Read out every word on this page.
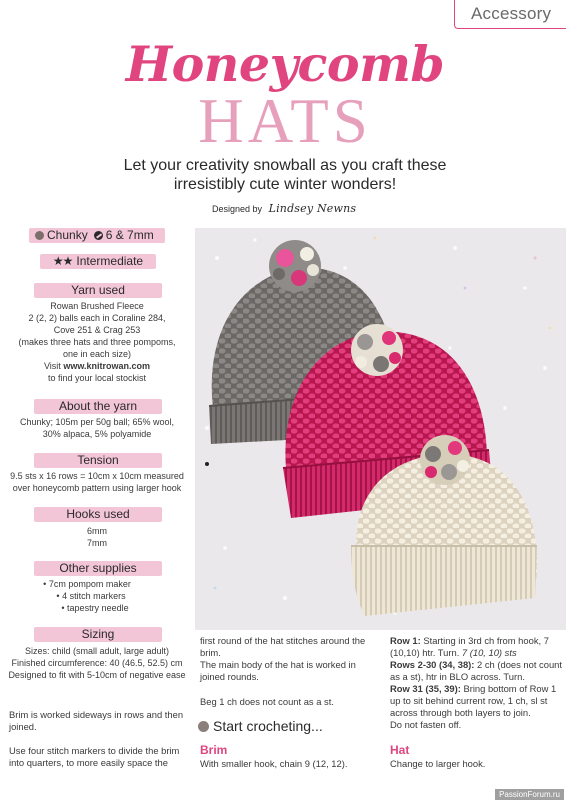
Accessory
Honeycomb
HATS
Let your creativity snowball as you craft these irresistibly cute winter wonders!
Designed by Lindsey Newns
Chunky 6 & 7mm
★★ Intermediate
Yarn used
Rowan Brushed Fleece
2 (2, 2) balls each in Coraline 284,
Cove 251 & Crag 253
(makes three hats and three pompoms,
one in each size)
Visit www.knitrowan.com
to find your local stockist
About the yarn
Chunky; 105m per 50g ball; 65% wool,
30% alpaca, 5% polyamide
Tension
9.5 sts x 16 rows = 10cm x 10cm measured
over honeycomb pattern using larger hook
Hooks used
6mm
7mm
Other supplies
• 7cm pompom maker
• 4 stitch markers
• tapestry needle
Sizing
Sizes: child (small adult, large adult)
Finished circumference: 40 (46.5, 52.5) cm
Designed to fit with 5-10cm of negative ease
Brim is worked sideways in rows and then joined.
Use four stitch markers to divide the brim into quarters, to more easily space the
first round of the hat stitches around the brim.
The main body of the hat is worked in joined rounds.
Beg 1 ch does not count as a st.
Start crocheting...
Brim
With smaller hook, chain 9 (12, 12).
Row 1: Starting in 3rd ch from hook, 7 (10,10) htr. Turn. 7 (10, 10) sts
Rows 2-30 (34, 38): 2 ch (does not count as a st), htr in BLO across. Turn.
Row 31 (35, 39): Bring bottom of Row 1 up to sit behind current row, 1 ch, sl st across through both layers to join.
Do not fasten off.
Hat
Change to larger hook.
PassionForum.ru
